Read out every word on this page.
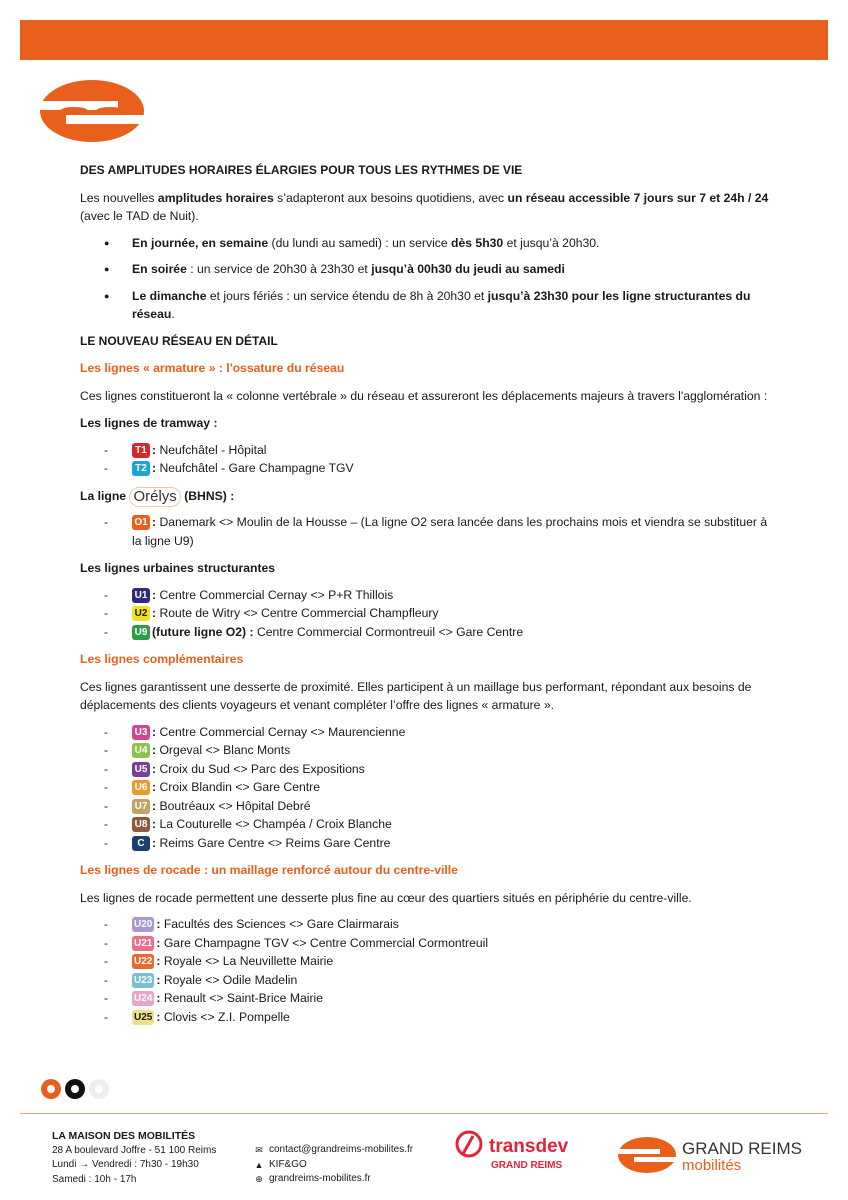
DES AMPLITUDES HORAIRES ÉLARGIES POUR TOUS LES RYTHMES DE VIE

Les nouvelles amplitudes horaires s’adapteront aux besoins quotidiens, avec un réseau accessible 7 jours sur 7 et 24h / 24 (avec le TAD de Nuit).

● En journée, en semaine (du lundi au samedi) : un service dès 5h30 et jusqu’à 20h30.
● En soirée : un service de 20h30 à 23h30 et jusqu’à 00h30 du jeudi au samedi
● Le dimanche et jours fériés : un service étendu de 8h à 20h30 et jusqu’à 23h30 pour les ligne structurantes du réseau.
LE NOUVEAU RÉSEAU EN DÉTAIL
Les lignes « armature » : l'ossature du réseau

Ces lignes constitueront la « colonne vertébrale » du réseau et assureront les déplacements majeurs à travers l'agglomération :

Les lignes de tramway :
-	T1 : Neufchâtel - Hôpital
-	T2 : Neufchâtel - Gare Champagne TGV
La ligne Orélys (BHNS) :
-	O1 : Danemark <> Moulin de la Housse – (La ligne O2 sera lancée dans les prochains mois et viendra se substituer à la ligne U9)
Les lignes urbaines structurantes
-	U1 : Centre Commercial Cernay <> P+R Thillois
-	U2 : Route de Witry <> Centre Commercial Champfleury
-	U9 (future ligne O2) : Centre Commercial Cormontreuil <> Gare Centre
Les lignes complémentaires

Ces lignes garantissent une desserte de proximité. Elles participent à un maillage bus performant, répondant aux besoins de déplacements des clients voyageurs et venant compléter l’offre des lignes « armature ».

-	U3 : Centre Commercial Cernay <> Maurencienne
-	U4 : Orgeval <> Blanc Monts
-	U5 : Croix du Sud <> Parc des Expositions
-	U6 : Croix Blandin <> Gare Centre
-	U7 : Boutréaux <> Hôpital Debré
-	U8 : La Couturelle <> Champéa / Croix Blanche
-	C : Reims Gare Centre <> Reims Gare Centre
Les lignes de rocade : un maillage renforcé autour du centre-ville

Les lignes de rocade permettent une desserte plus fine au cœur des quartiers situés en périphérie du centre-ville.

-	U20 : Facultés des Sciences <> Gare Clairmarais
-	U21 : Gare Champagne TGV <> Centre Commercial Cormontreuil
-	U22 : Royale <> La Neuvillette Mairie
-	U23 : Royale <> Odile Madelin
-	U24 : Renault <> Saint-Brice Mairie
-	U25 : Clovis <> Z.I. Pompelle
LA MAISON DES MOBILITÉS
28 A boulevard Joffre - 51 100 Reims
Lundi → Vendredi : 7h30 - 19h30
Samedi : 10h - 17h
✉ contact@grandreims-mobilites.fr
▲ KIF&GO
⊕ grandreims-mobilites.fr
transdev
GRAND REIMS
GRAND REIMS
mobilités
